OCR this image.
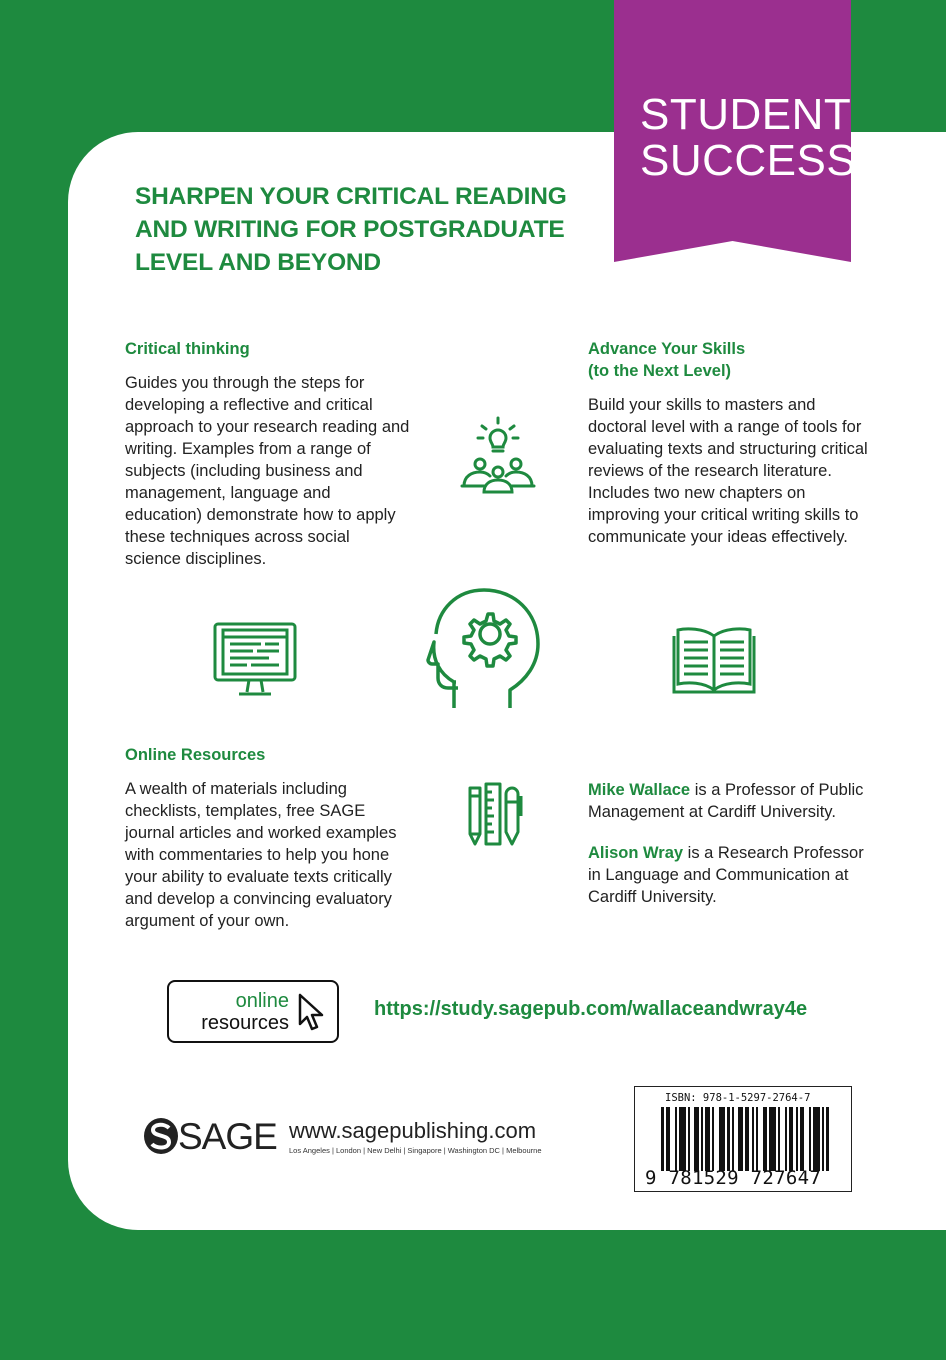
STUDENT
SUCCESS
SHARPEN YOUR CRITICAL READING AND WRITING FOR POSTGRADUATE LEVEL AND BEYOND
Critical thinking
Guides you through the steps for developing a reflective and critical approach to your research reading and writing. Examples from a range of subjects (including business and management, language and education) demonstrate how to apply these techniques across social science disciplines.
Advance Your Skills
(to the Next Level)
Build your skills to masters and doctoral level with a range of tools for evaluating texts and structuring critical reviews of the research literature. Includes two new chapters on improving your critical writing skills to communicate your ideas effectively.
Online Resources
A wealth of materials including checklists, templates, free SAGE journal articles and worked examples with commentaries to help you hone your ability to evaluate texts critically and develop a convincing evaluatory argument of your own.
Mike Wallace is a Professor of Public Management at Cardiff University.
Alison Wray is a Research Professor in Language and Communication at Cardiff University.
online
resources
https://study.sagepub.com/wallaceandwray4e
SAGE www.sagepublishing.com
Los Angeles | London | New Delhi | Singapore | Washington DC | Melbourne
ISBN: 978-1-5297-2764-7
9 781529 727647
